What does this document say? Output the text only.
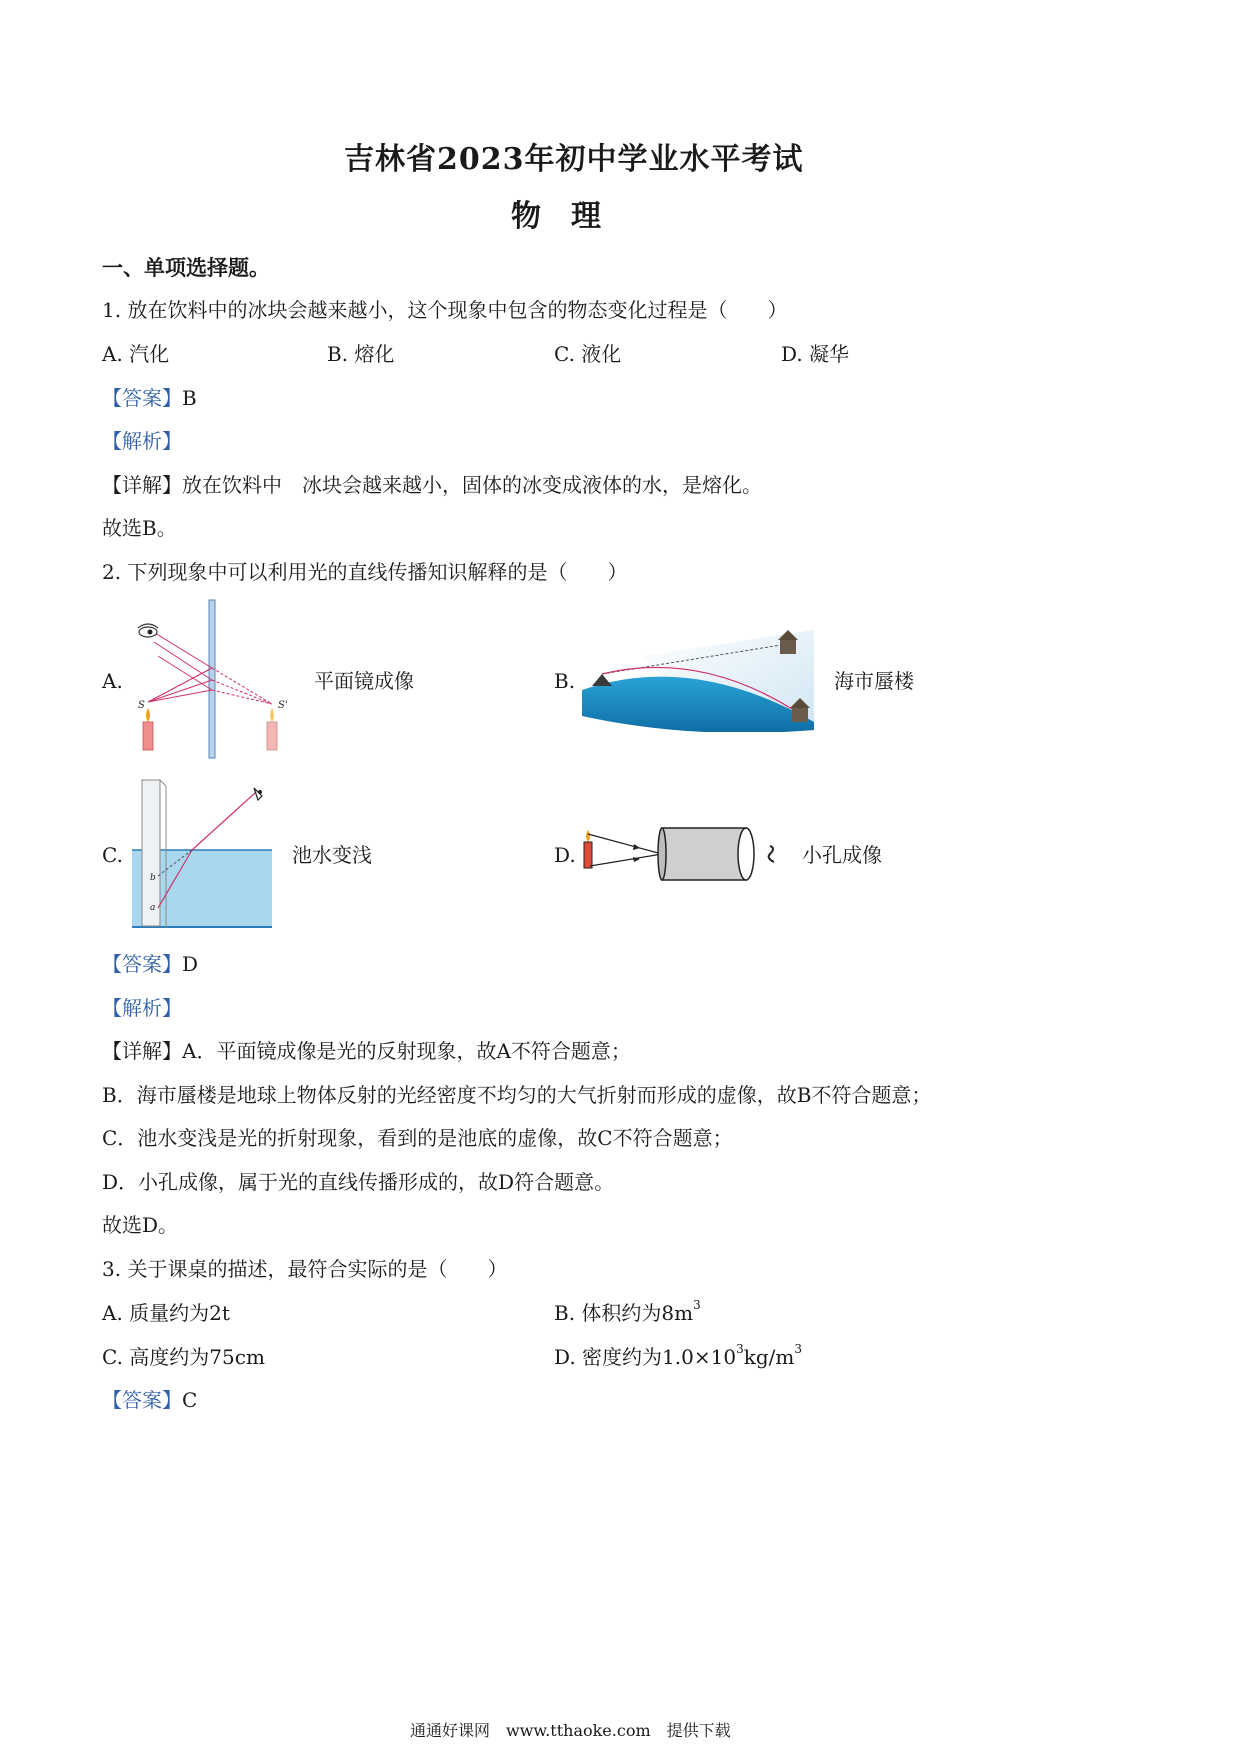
吉林省2023年初中学业水平考试
物　理
一、单项选择题。
1. 放在饮料中的冰块会越来越小，这个现象中包含的物态变化过程是（　　）
A. 汽化	B. 熔化	C. 液化	D. 凝华
【答案】B
【解析】
【详解】放在饮料中　冰块会越来越小，固体的冰变成液体的水，是熔化。
故选B。
2. 下列现象中可以利用光的直线传播知识解释的是（　　）
A.
S	S'
平面镜成像	B.	海市蜃楼
C.
b
a
池水变浅	D.	小孔成像
【答案】D
【解析】
【详解】A．平面镜成像是光的反射现象，故A不符合题意；
B．海市蜃楼是地球上物体反射的光经密度不均匀的大气折射而形成的虚像，故B不符合题意；
C．池水变浅是光的折射现象，看到的是池底的虚像，故C不符合题意；
D．小孔成像，属于光的直线传播形成的，故D符合题意。
故选D。
3. 关于课桌的描述，最符合实际的是（　　）
A. 质量约为2t	B. 体积约为$8m^3$
C. 高度约为75cm	D. 密度约为$1.0\times 10^3kg/m^3$
【答案】C
通通好课网　www.tthaoke.com　提供下载
